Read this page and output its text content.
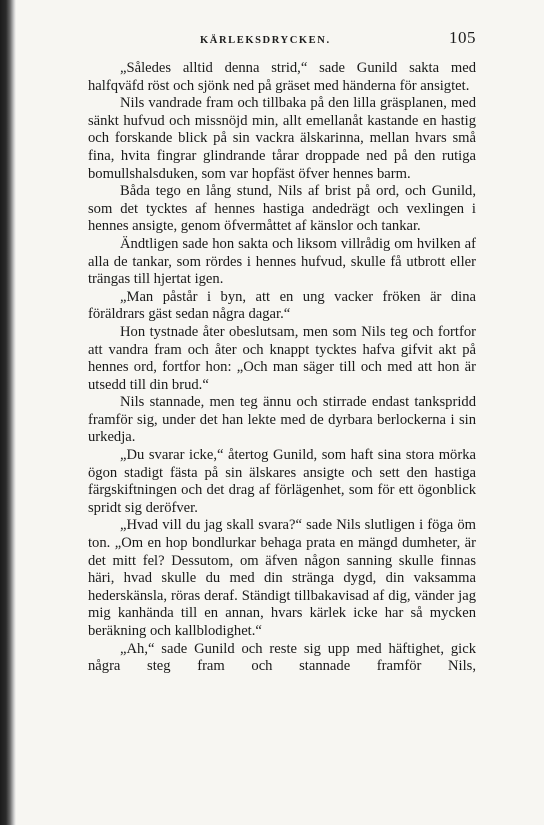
KÄRLEKSDRYCKEN.	105

„Således alltid denna strid,“ sade Gunild sakta med halfqväfd röst och sjönk ned på gräset med händerna för ansigtet.

Nils vandrade fram och tillbaka på den lilla gräsplanen, med sänkt hufvud och missnöjd min, allt emellanåt kastande en hastig och forskande blick på sin vackra älskarinna, mellan hvars små fina, hvita fingrar glindrande tårar droppade ned på den rutiga bomullshalsduken, som var hopfäst öfver hennes barm.

Båda tego en lång stund, Nils af brist på ord, och Gunild, som det tycktes af hennes hastiga andedrägt och vexlingen i hennes ansigte, genom öfvermåttet af känslor och tankar.

Ändtligen sade hon sakta och liksom villrådig om hvilken af alla de tankar, som rördes i hennes hufvud, skulle få utbrott eller trängas till hjertat igen.

„Man påstår i byn, att en ung vacker fröken är dina föräldrars gäst sedan några dagar.“

Hon tystnade åter obeslutsam, men som Nils teg och fortfor att vandra fram och åter och knappt tycktes hafva gifvit akt på hennes ord, fortfor hon: „Och man säger till och med att hon är utsedd till din brud.“

Nils stannade, men teg ännu och stirrade endast tankspridd framför sig, under det han lekte med de dyrbara berlockerna i sin urkedja.

„Du svarar icke,“ återtog Gunild, som haft sina stora mörka ögon stadigt fästa på sin älskares ansigte och sett den hastiga färgskiftningen och det drag af förlägenhet, som för ett ögonblick spridt sig deröfver.

„Hvad vill du jag skall svara?“ sade Nils slutligen i föga öm ton. „Om en hop bondlurkar behaga prata en mängd dumheter, är det mitt fel? Dessutom, om äfven någon sanning skulle finnas häri, hvad skulle du med din stränga dygd, din vaksamma hederskänsla, röras deraf. Ständigt tillbakavisad af dig, vänder jag mig kanhända till en annan, hvars kärlek icke har så mycken beräkning och kallblodighet.“

„Ah,“ sade Gunild och reste sig upp med häftighet, gick några steg fram och stannade framför Nils,
